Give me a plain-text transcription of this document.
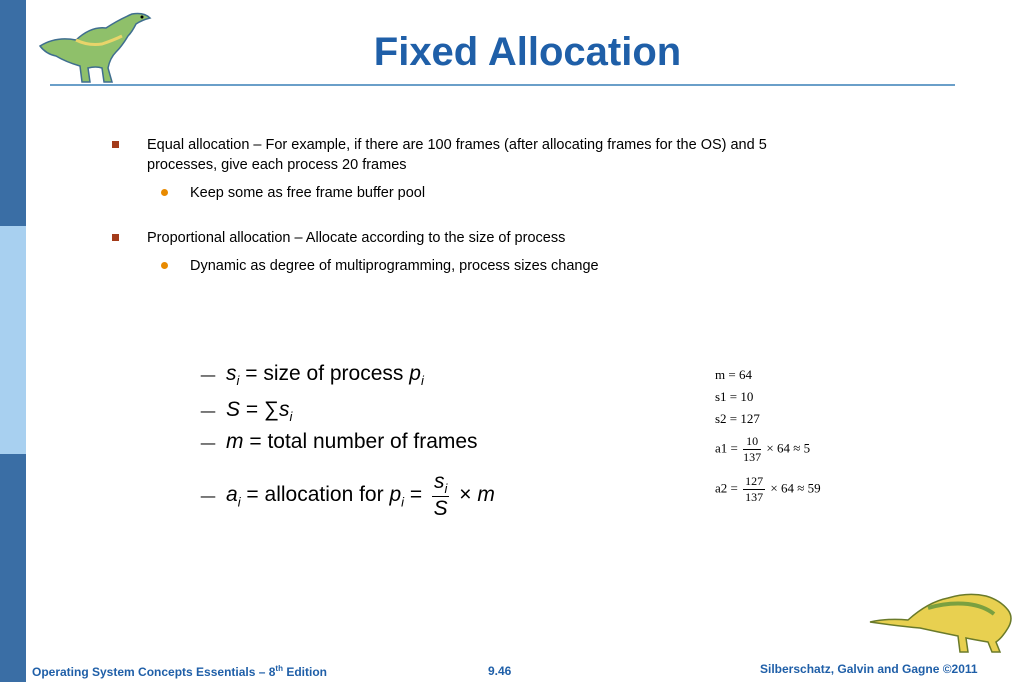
Fixed Allocation
Equal allocation – For example, if there are 100 frames (after allocating frames for the OS) and 5
processes, give each process 20 frames
Keep some as free frame buffer pool
Proportional allocation – Allocate according to the size of process
Dynamic as degree of multiprogramming, process sizes change
— $s_i$ = size of process $p_i$
— $S = \sum s_i$
— m = total number of frames
— $a_i$ = allocation for $p_i = \frac{s_i}{S} \times m$
m = 64
s1 = 10
s2 = 127
$a1 = \frac{10}{137} \times 64 \approx 5$
$a2 = \frac{127}{137} \times 64 \approx 59$
Operating System Concepts Essentials – 8th Edition	9.46	Silberschatz, Galvin and Gagne ©2011
